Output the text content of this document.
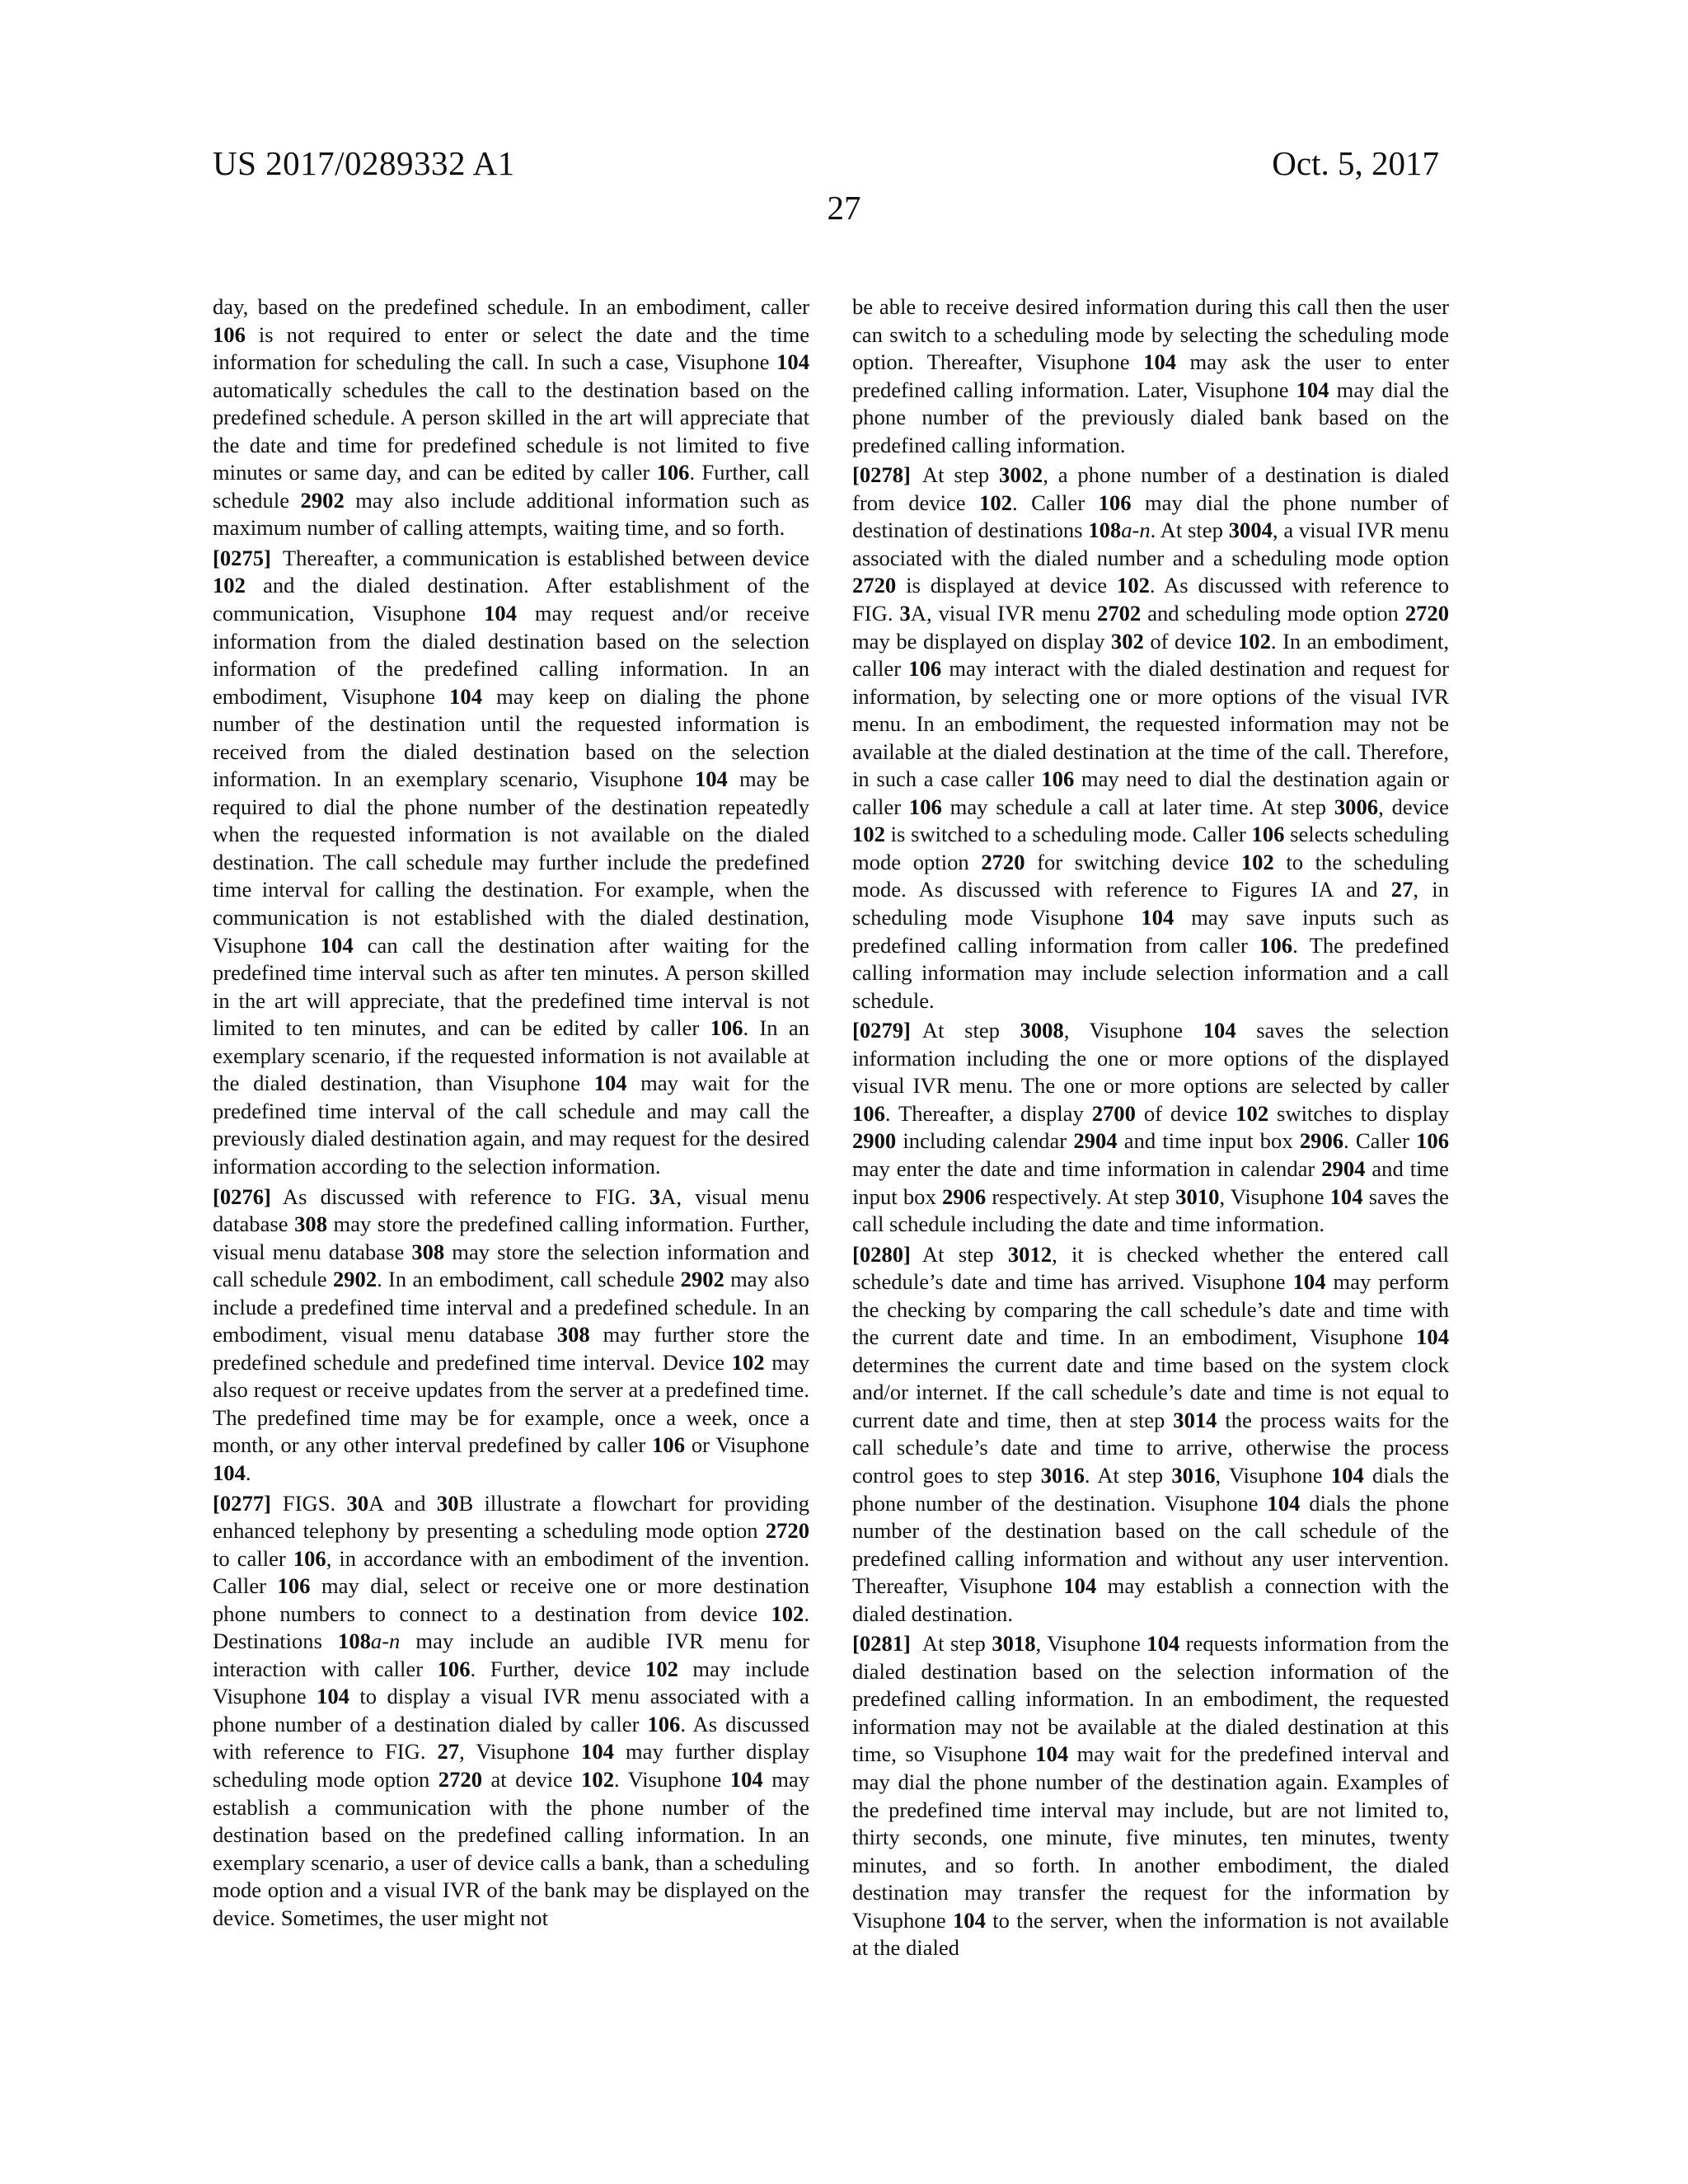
US 2017/0289332 A1	Oct. 5, 2017
27

day, based on the predefined schedule. In an embodiment, caller 106 is not required to enter or select the date and the time information for scheduling the call. In such a case, Visuphone 104 automatically schedules the call to the destination based on the predefined schedule. A person skilled in the art will appreciate that the date and time for predefined schedule is not limited to five minutes or same day, and can be edited by caller 106. Further, call schedule 2902 may also include additional information such as maximum number of calling attempts, waiting time, and so forth.

[0275] Thereafter, a communication is established between device 102 and the dialed destination. After establishment of the communication, Visuphone 104 may request and/or receive information from the dialed destination based on the selection information of the predefined calling information. In an embodiment, Visuphone 104 may keep on dialing the phone number of the destination until the requested information is received from the dialed destination based on the selection information. In an exemplary scenario, Visuphone 104 may be required to dial the phone number of the destination repeatedly when the requested information is not available on the dialed destination. The call schedule may further include the predefined time interval for calling the destination. For example, when the communication is not established with the dialed destination, Visuphone 104 can call the destination after waiting for the predefined time interval such as after ten minutes. A person skilled in the art will appreciate, that the predefined time interval is not limited to ten minutes, and can be edited by caller 106. In an exemplary scenario, if the requested information is not available at the dialed destination, than Visuphone 104 may wait for the predefined time interval of the call schedule and may call the previously dialed destination again, and may request for the desired information according to the selection information.

[0276] As discussed with reference to FIG. 3A, visual menu database 308 may store the predefined calling information. Further, visual menu database 308 may store the selection information and call schedule 2902. In an embodiment, call schedule 2902 may also include a predefined time interval and a predefined schedule. In an embodiment, visual menu database 308 may further store the predefined schedule and predefined time interval. Device 102 may also request or receive updates from the server at a predefined time. The predefined time may be for example, once a week, once a month, or any other interval predefined by caller 106 or Visuphone 104.

[0277] FIGS. 30A and 30B illustrate a flowchart for providing enhanced telephony by presenting a scheduling mode option 2720 to caller 106, in accordance with an embodiment of the invention. Caller 106 may dial, select or receive one or more destination phone numbers to connect to a destination from device 102. Destinations 108a-n may include an audible IVR menu for interaction with caller 106. Further, device 102 may include Visuphone 104 to display a visual IVR menu associated with a phone number of a destination dialed by caller 106. As discussed with reference to FIG. 27, Visuphone 104 may further display scheduling mode option 2720 at device 102. Visuphone 104 may establish a communication with the phone number of the destination based on the predefined calling information. In an exemplary scenario, a user of device calls a bank, than a scheduling mode option and a visual IVR of the bank may be displayed on the device. Sometimes, the user might not

be able to receive desired information during this call then the user can switch to a scheduling mode by selecting the scheduling mode option. Thereafter, Visuphone 104 may ask the user to enter predefined calling information. Later, Visuphone 104 may dial the phone number of the previously dialed bank based on the predefined calling information.

[0278] At step 3002, a phone number of a destination is dialed from device 102. Caller 106 may dial the phone number of destination of destinations 108a-n. At step 3004, a visual IVR menu associated with the dialed number and a scheduling mode option 2720 is displayed at device 102. As discussed with reference to FIG. 3A, visual IVR menu 2702 and scheduling mode option 2720 may be displayed on display 302 of device 102. In an embodiment, caller 106 may interact with the dialed destination and request for information, by selecting one or more options of the visual IVR menu. In an embodiment, the requested information may not be available at the dialed destination at the time of the call. Therefore, in such a case caller 106 may need to dial the destination again or caller 106 may schedule a call at later time. At step 3006, device 102 is switched to a scheduling mode. Caller 106 selects scheduling mode option 2720 for switching device 102 to the scheduling mode. As discussed with reference to Figures IA and 27, in scheduling mode Visuphone 104 may save inputs such as predefined calling information from caller 106. The predefined calling information may include selection information and a call schedule.

[0279] At step 3008, Visuphone 104 saves the selection information including the one or more options of the displayed visual IVR menu. The one or more options are selected by caller 106. Thereafter, a display 2700 of device 102 switches to display 2900 including calendar 2904 and time input box 2906. Caller 106 may enter the date and time information in calendar 2904 and time input box 2906 respectively. At step 3010, Visuphone 104 saves the call schedule including the date and time information.

[0280] At step 3012, it is checked whether the entered call schedule’s date and time has arrived. Visuphone 104 may perform the checking by comparing the call schedule’s date and time with the current date and time. In an embodiment, Visuphone 104 determines the current date and time based on the system clock and/or internet. If the call schedule’s date and time is not equal to current date and time, then at step 3014 the process waits for the call schedule’s date and time to arrive, otherwise the process control goes to step 3016. At step 3016, Visuphone 104 dials the phone number of the destination. Visuphone 104 dials the phone number of the destination based on the call schedule of the predefined calling information and without any user intervention. Thereafter, Visuphone 104 may establish a connection with the dialed destination.

[0281] At step 3018, Visuphone 104 requests information from the dialed destination based on the selection information of the predefined calling information. In an embodiment, the requested information may not be available at the dialed destination at this time, so Visuphone 104 may wait for the predefined interval and may dial the phone number of the destination again. Examples of the predefined time interval may include, but are not limited to, thirty seconds, one minute, five minutes, ten minutes, twenty minutes, and so forth. In another embodiment, the dialed destination may transfer the request for the information by Visuphone 104 to the server, when the information is not available at the dialed
